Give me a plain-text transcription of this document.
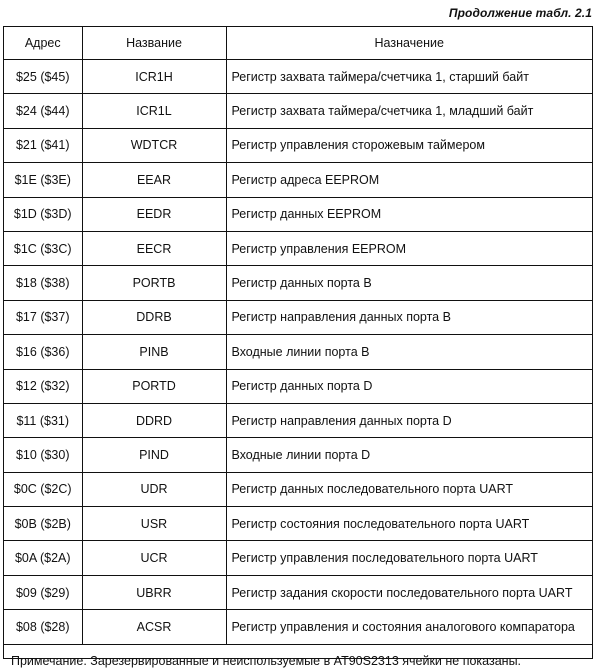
Продолжение табл. 2.1
Адрес	Название	Назначение
$25 ($45)	ICR1H	Регистр захвата таймера/счетчика 1, старший байт
$24 ($44)	ICR1L	Регистр захвата таймера/счетчика 1, младший байт
$21 ($41)	WDTCR	Регистр управления сторожевым таймером
$1E ($3E)	EEAR	Регистр адреса EEPROM
$1D ($3D)	EEDR	Регистр данных EEPROM
$1C ($3C)	EECR	Регистр управления EEPROM
$18 ($38)	PORTB	Регистр данных порта B
$17 ($37)	DDRB	Регистр направления данных порта B
$16 ($36)	PINB	Входные линии порта B
$12 ($32)	PORTD	Регистр данных порта D
$11 ($31)	DDRD	Регистр направления данных порта D
$10 ($30)	PIND	Входные линии порта D
$0C ($2C)	UDR	Регистр данных последовательного порта UART
$0B ($2B)	USR	Регистр состояния последовательного порта UART
$0A ($2A)	UCR	Регистр управления последовательного порта UART
$09 ($29)	UBRR	Регистр задания скорости последовательного порта UART
$08 ($28)	ACSR	Регистр управления и состояния аналогового компаратора
Примечание. Зарезервированные и неиспользуемые в AT90S2313 ячейки не показаны.
